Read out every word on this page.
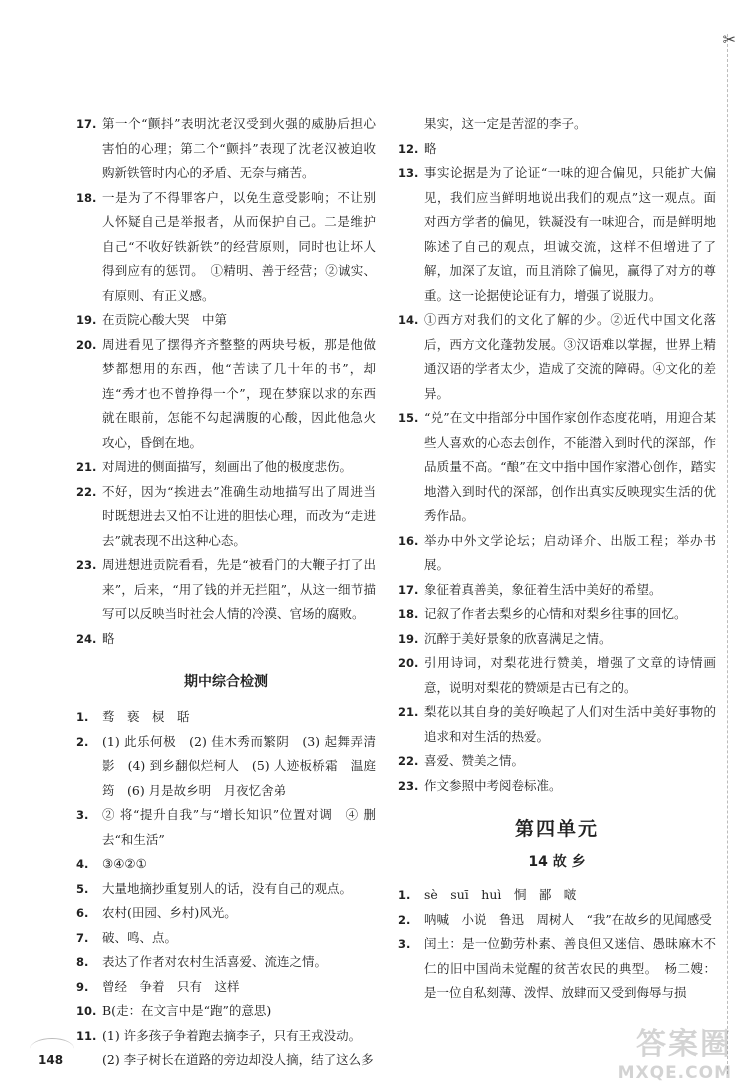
✂
17. 第一个“颤抖”表明沈老汉受到火强的威胁后担心害怕的心理；第二个“颤抖”表现了沈老汉被迫收购新铁管时内心的矛盾、无奈与痛苦。
18. 一是为了不得罪客户，以免生意受影响；不让别人怀疑自己是举报者，从而保护自己。二是维护自己“不收好铁新铁”的经营原则，同时也让坏人得到应有的惩罚。　①精明、善于经营；②诚实、有原则、有正义感。
19. 在贡院心酸大哭　中第
20. 周进看见了摆得齐齐整整的两块号板，那是他做梦都想用的东西，他“苦读了几十年的书”，却连“秀才也不曾挣得一个”，现在梦寐以求的东西就在眼前，怎能不勾起满腹的心酸，因此他急火攻心，昏倒在地。
21. 对周进的侧面描写，刻画出了他的极度悲伤。
22. 不好，因为“挨进去”准确生动地描写出了周进当时既想进去又怕不让进的胆怯心理，而改为“走进去”就表现不出这种心态。
23. 周进想进贡院看看，先是“被看门的大鞭子打了出来”，后来，“用了钱的并无拦阻”，从这一细节描写可以反映当时社会人情的冷漠、官场的腐败。
24. 略
期中综合检测
1. 骛　亵　棂　聒
2. (1) 此乐何极　(2) 佳木秀而繁阴　(3) 起舞弄清影　(4) 到乡翻似烂柯人　(5) 人迹板桥霜　温庭筠　(6) 月是故乡明　月夜忆舍弟
3. ② 将“提升自我”与“增长知识”位置对调　④ 删去“和生活”
4. ③④②①
5. 大量地摘抄重复别人的话，没有自己的观点。
6. 农村(田园、乡村)风光。
7. 破、鸣、点。
8. 表达了作者对农村生活喜爱、流连之情。
9. 曾经　争着　只有　这样
10. B(走：在文言中是“跑”的意思)
11. (1) 许多孩子争着跑去摘李子，只有王戎没动。
(2) 李子树长在道路的旁边却没人摘，结了这么多
果实，这一定是苦涩的李子。
12. 略
13. 事实论据是为了论证“一味的迎合偏见，只能扩大偏见，我们应当鲜明地说出我们的观点”这一观点。面对西方学者的偏见，铁凝没有一味迎合，而是鲜明地陈述了自己的观点，坦诚交流，这样不但增进了了解，加深了友谊，而且消除了偏见，赢得了对方的尊重。这一论据使论证有力，增强了说服力。
14. ①西方对我们的文化了解的少。②近代中国文化落后，西方文化蓬勃发展。③汉语难以掌握，世界上精通汉语的学者太少，造成了交流的障碍。④文化的差异。
15. “兑”在文中指部分中国作家创作态度花哨，用迎合某些人喜欢的心态去创作，不能潜入到时代的深部，作品质量不高。“酿”在文中指中国作家潜心创作，踏实地潜入到时代的深部，创作出真实反映现实生活的优秀作品。
16. 举办中外文学论坛；启动译介、出版工程；举办书展。
17. 象征着真善美，象征着生活中美好的希望。
18. 记叙了作者去梨乡的心情和对梨乡往事的回忆。
19. 沉醉于美好景象的欣喜满足之情。
20. 引用诗词，对梨花进行赞美，增强了文章的诗情画意，说明对梨花的赞颂是古已有之的。
21. 梨花以其自身的美好唤起了人们对生活中美好事物的追求和对生活的热爱。
22. 喜爱、赞美之情。
23. 作文参照中考阅卷标准。
第四单元
14 故 乡
1. sè　suī　huì　恫　鄙　啵
2. 呐喊　小说　鲁迅　周树人　“我”在故乡的见闻感受
3. 闰土：是一位勤劳朴素、善良但又迷信、愚昧麻木不仁的旧中国尚未觉醒的贫苦农民的典型。　杨二嫂：是一位自私刻薄、泼悍、放肆而又受到侮辱与损
148	答案圈
MXQE.COM
